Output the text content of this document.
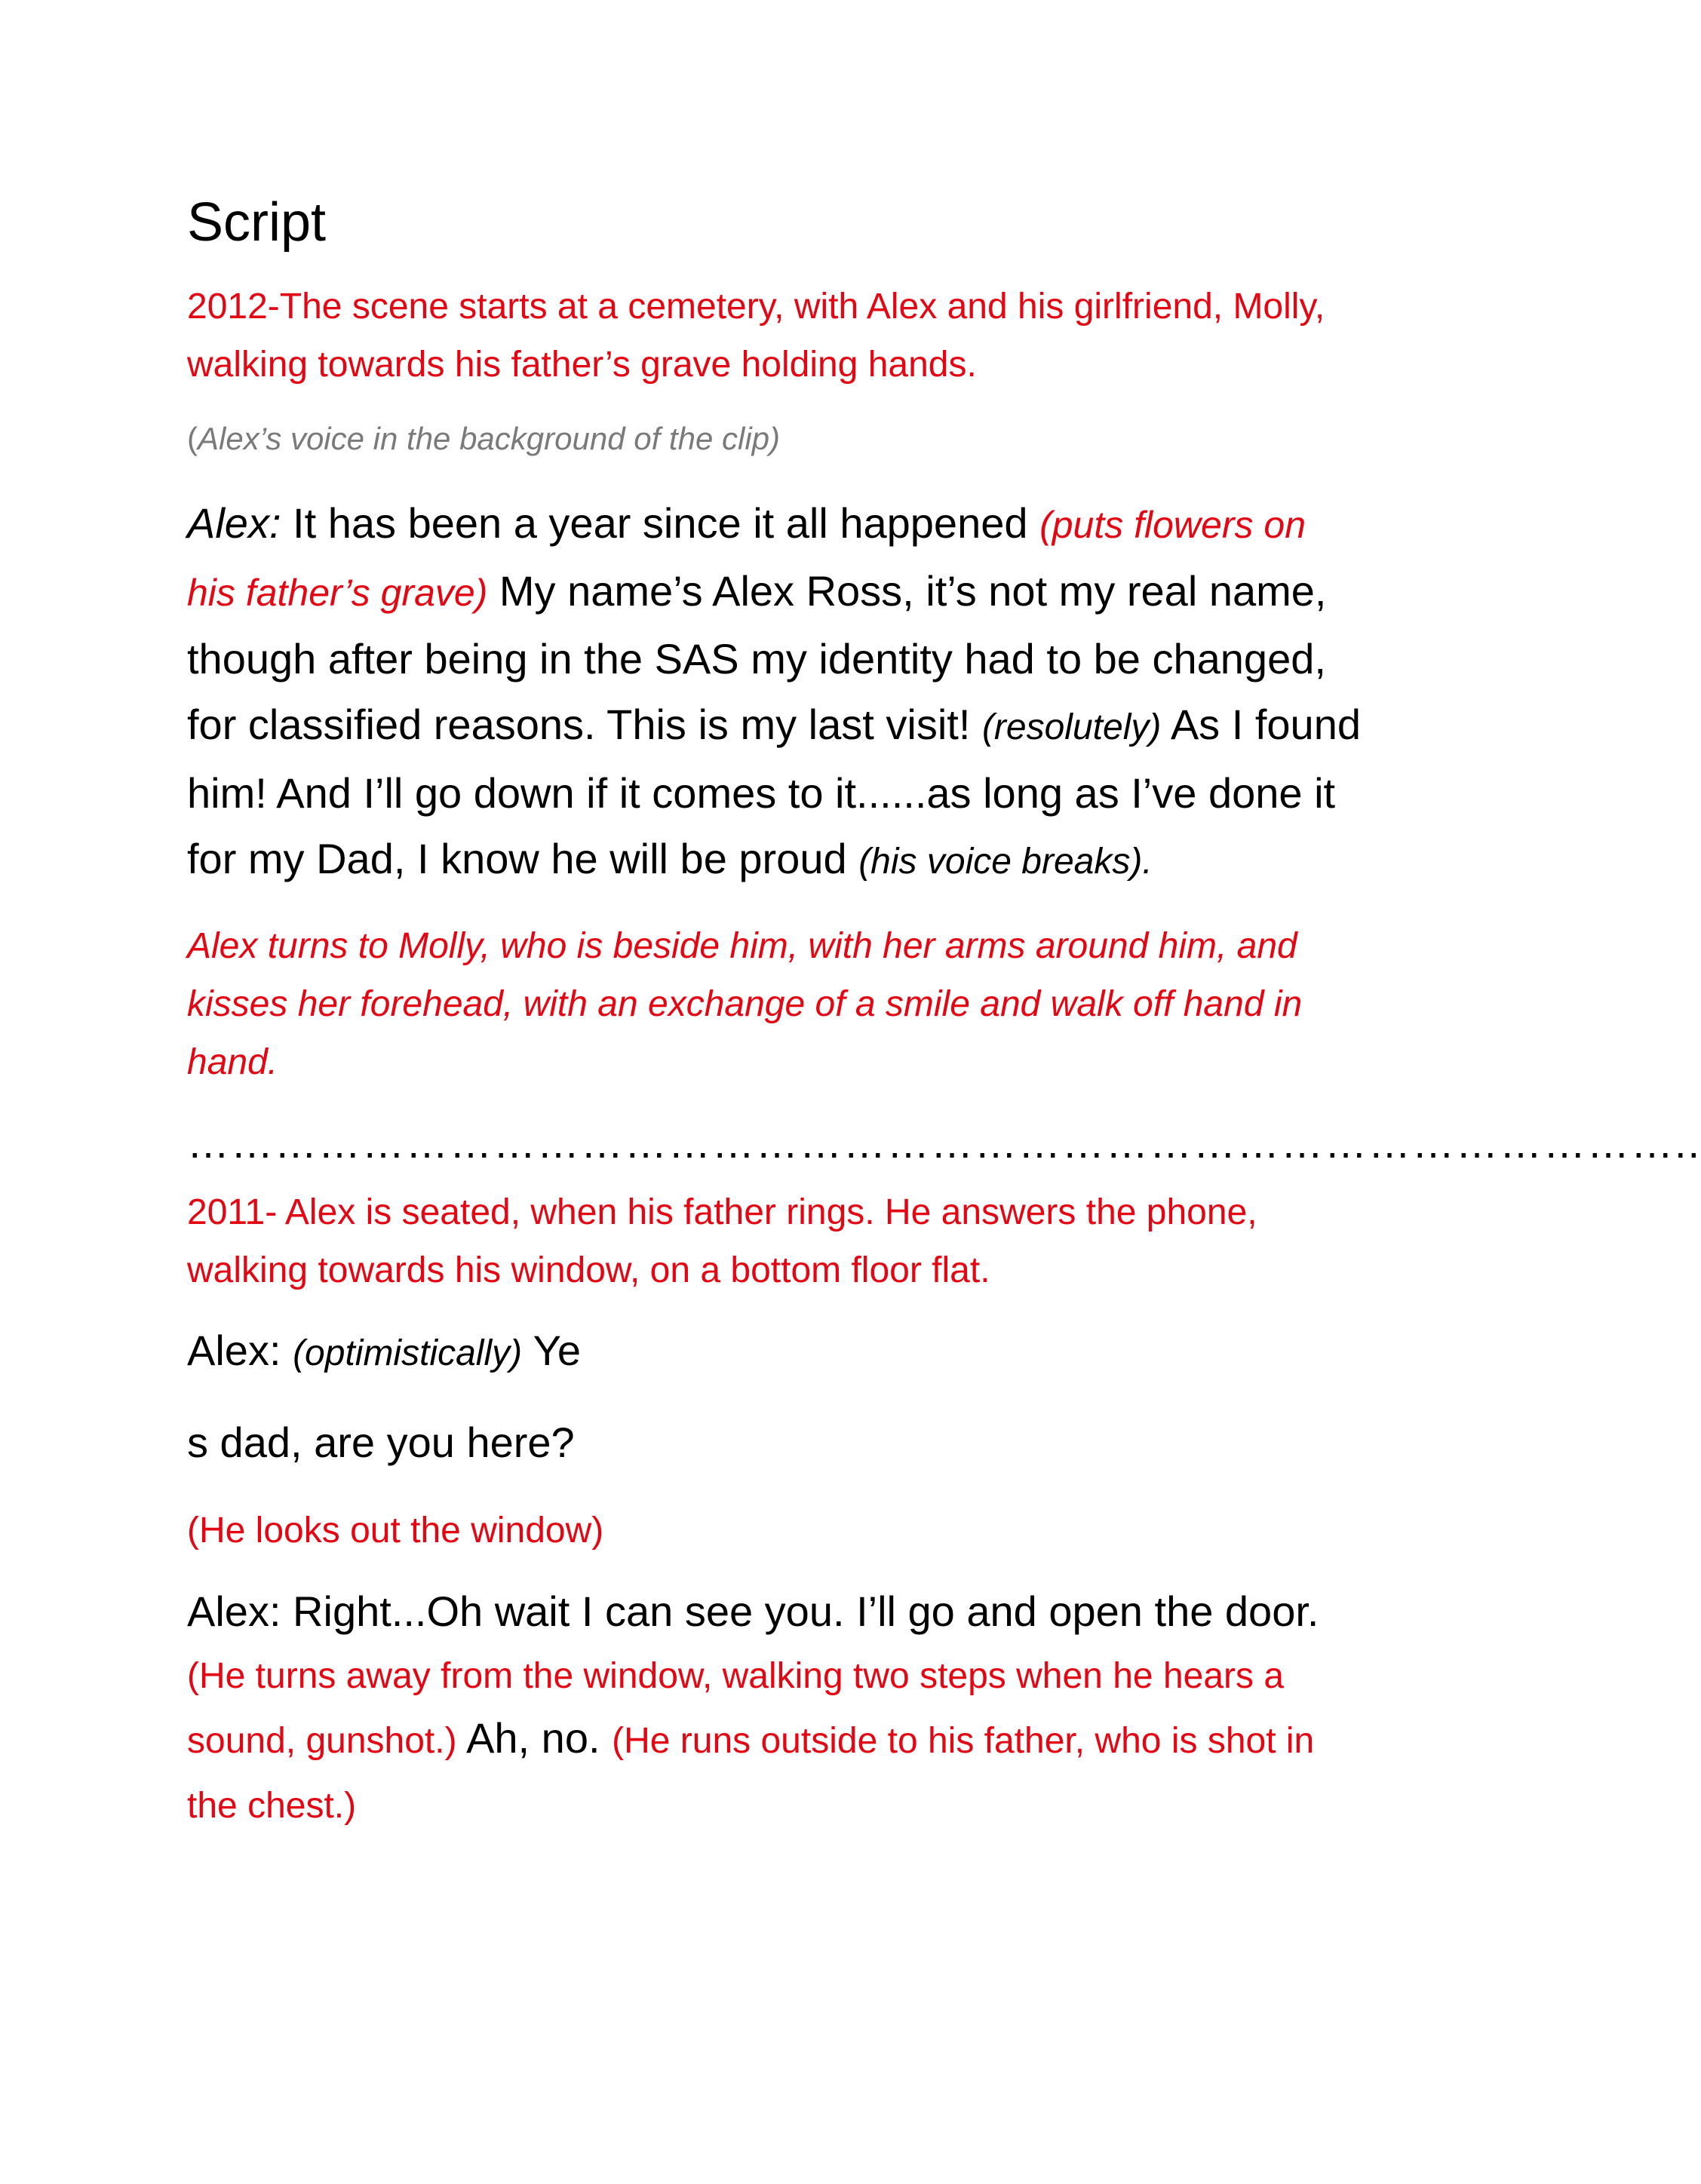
Script

2012-The scene starts at a cemetery, with Alex and his girlfriend, Molly, walking towards his father’s grave holding hands.

(Alex’s voice in the background of the clip)

Alex: It has been a year since it all happened (puts flowers on his father’s grave) My name’s Alex Ross, it’s not my real name, though after being in the SAS my identity had to be changed, for classified reasons. This is my last visit! (resolutely) As I found him! And I’ll go down if it comes to it......as long as I’ve done it for my Dad, I know he will be proud (his voice breaks).

Alex turns to Molly, who is beside him, with her arms around him, and kisses her forehead, with an exchange of a smile and walk off hand in hand.

…………………………………………………………………………………………..

2011- Alex is seated, when his father rings. He answers the phone, walking towards his window, on a bottom floor flat.

Alex: (optimistically) Ye

s dad, are you here?

(He looks out the window)

Alex: Right...Oh wait I can see you. I’ll go and open the door. (He turns away from the window, walking two steps when he hears a sound, gunshot.) Ah, no. (He runs outside to his father, who is shot in the chest.)
